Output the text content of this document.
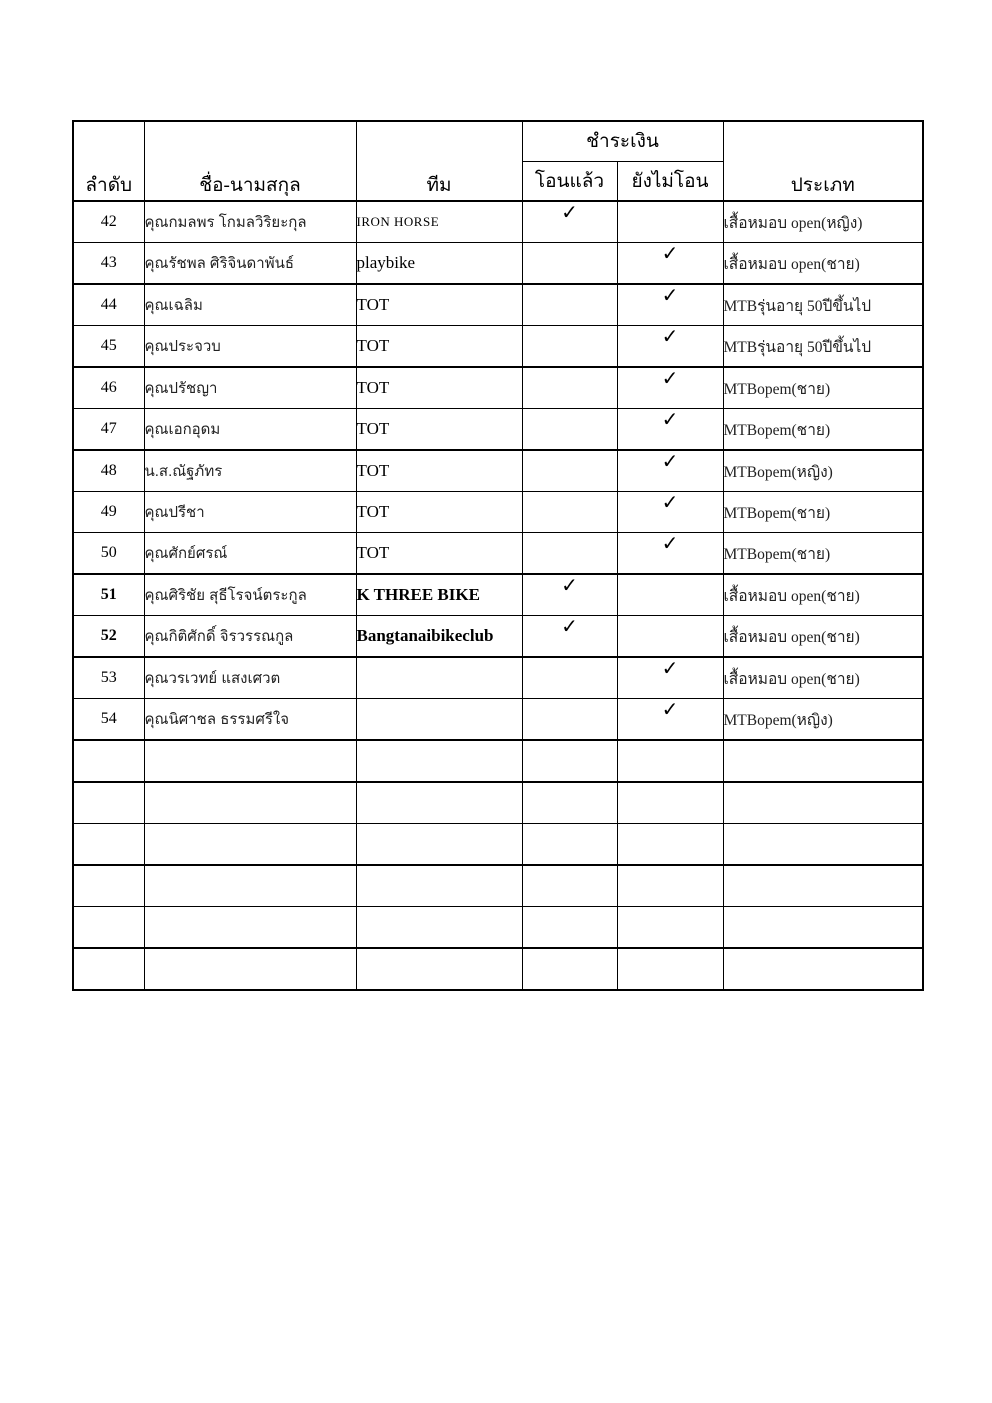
ลำดับ	ชื่อ-นามสกุล	ทีม	ชำระเงิน		ประเภท
			โอนแล้ว	ยังไม่โอน	
42	คุณกมลพร โกมลวิริยะกุล	IRON HORSE	✓		เสื้อหมอบ open(หญิง)
43	คุณรัชพล ศิริจินดาพันธ์	playbike		✓	เสื้อหมอบ open(ชาย)
44	คุณเฉลิม	TOT		✓	MTBรุ่นอายุ 50ปีขึ้นไป
45	คุณประจวบ	TOT		✓	MTBรุ่นอายุ 50ปีขึ้นไป
46	คุณปรัชญา	TOT		✓	MTBopem(ชาย)
47	คุณเอกอุดม	TOT		✓	MTBopem(ชาย)
48	น.ส.ณัฐภัทร	TOT		✓	MTBopem(หญิง)
49	คุณปรีชา	TOT		✓	MTBopem(ชาย)
50	คุณศักย์ศรณ์	TOT		✓	MTBopem(ชาย)
51	คุณศิริชัย สุธีโรจน์ตระกูล	K THREE BIKE	✓		เสื้อหมอบ open(ชาย)
52	คุณกิติศักดิ์ จิรวรรณกูล	Bangtanaibikeclub	✓		เสื้อหมอบ open(ชาย)
53	คุณวรเวทย์ แสงเศวต			✓	เสื้อหมอบ open(ชาย)
54	คุณนิศาชล ธรรมศรีใจ			✓	MTBopem(หญิง)
